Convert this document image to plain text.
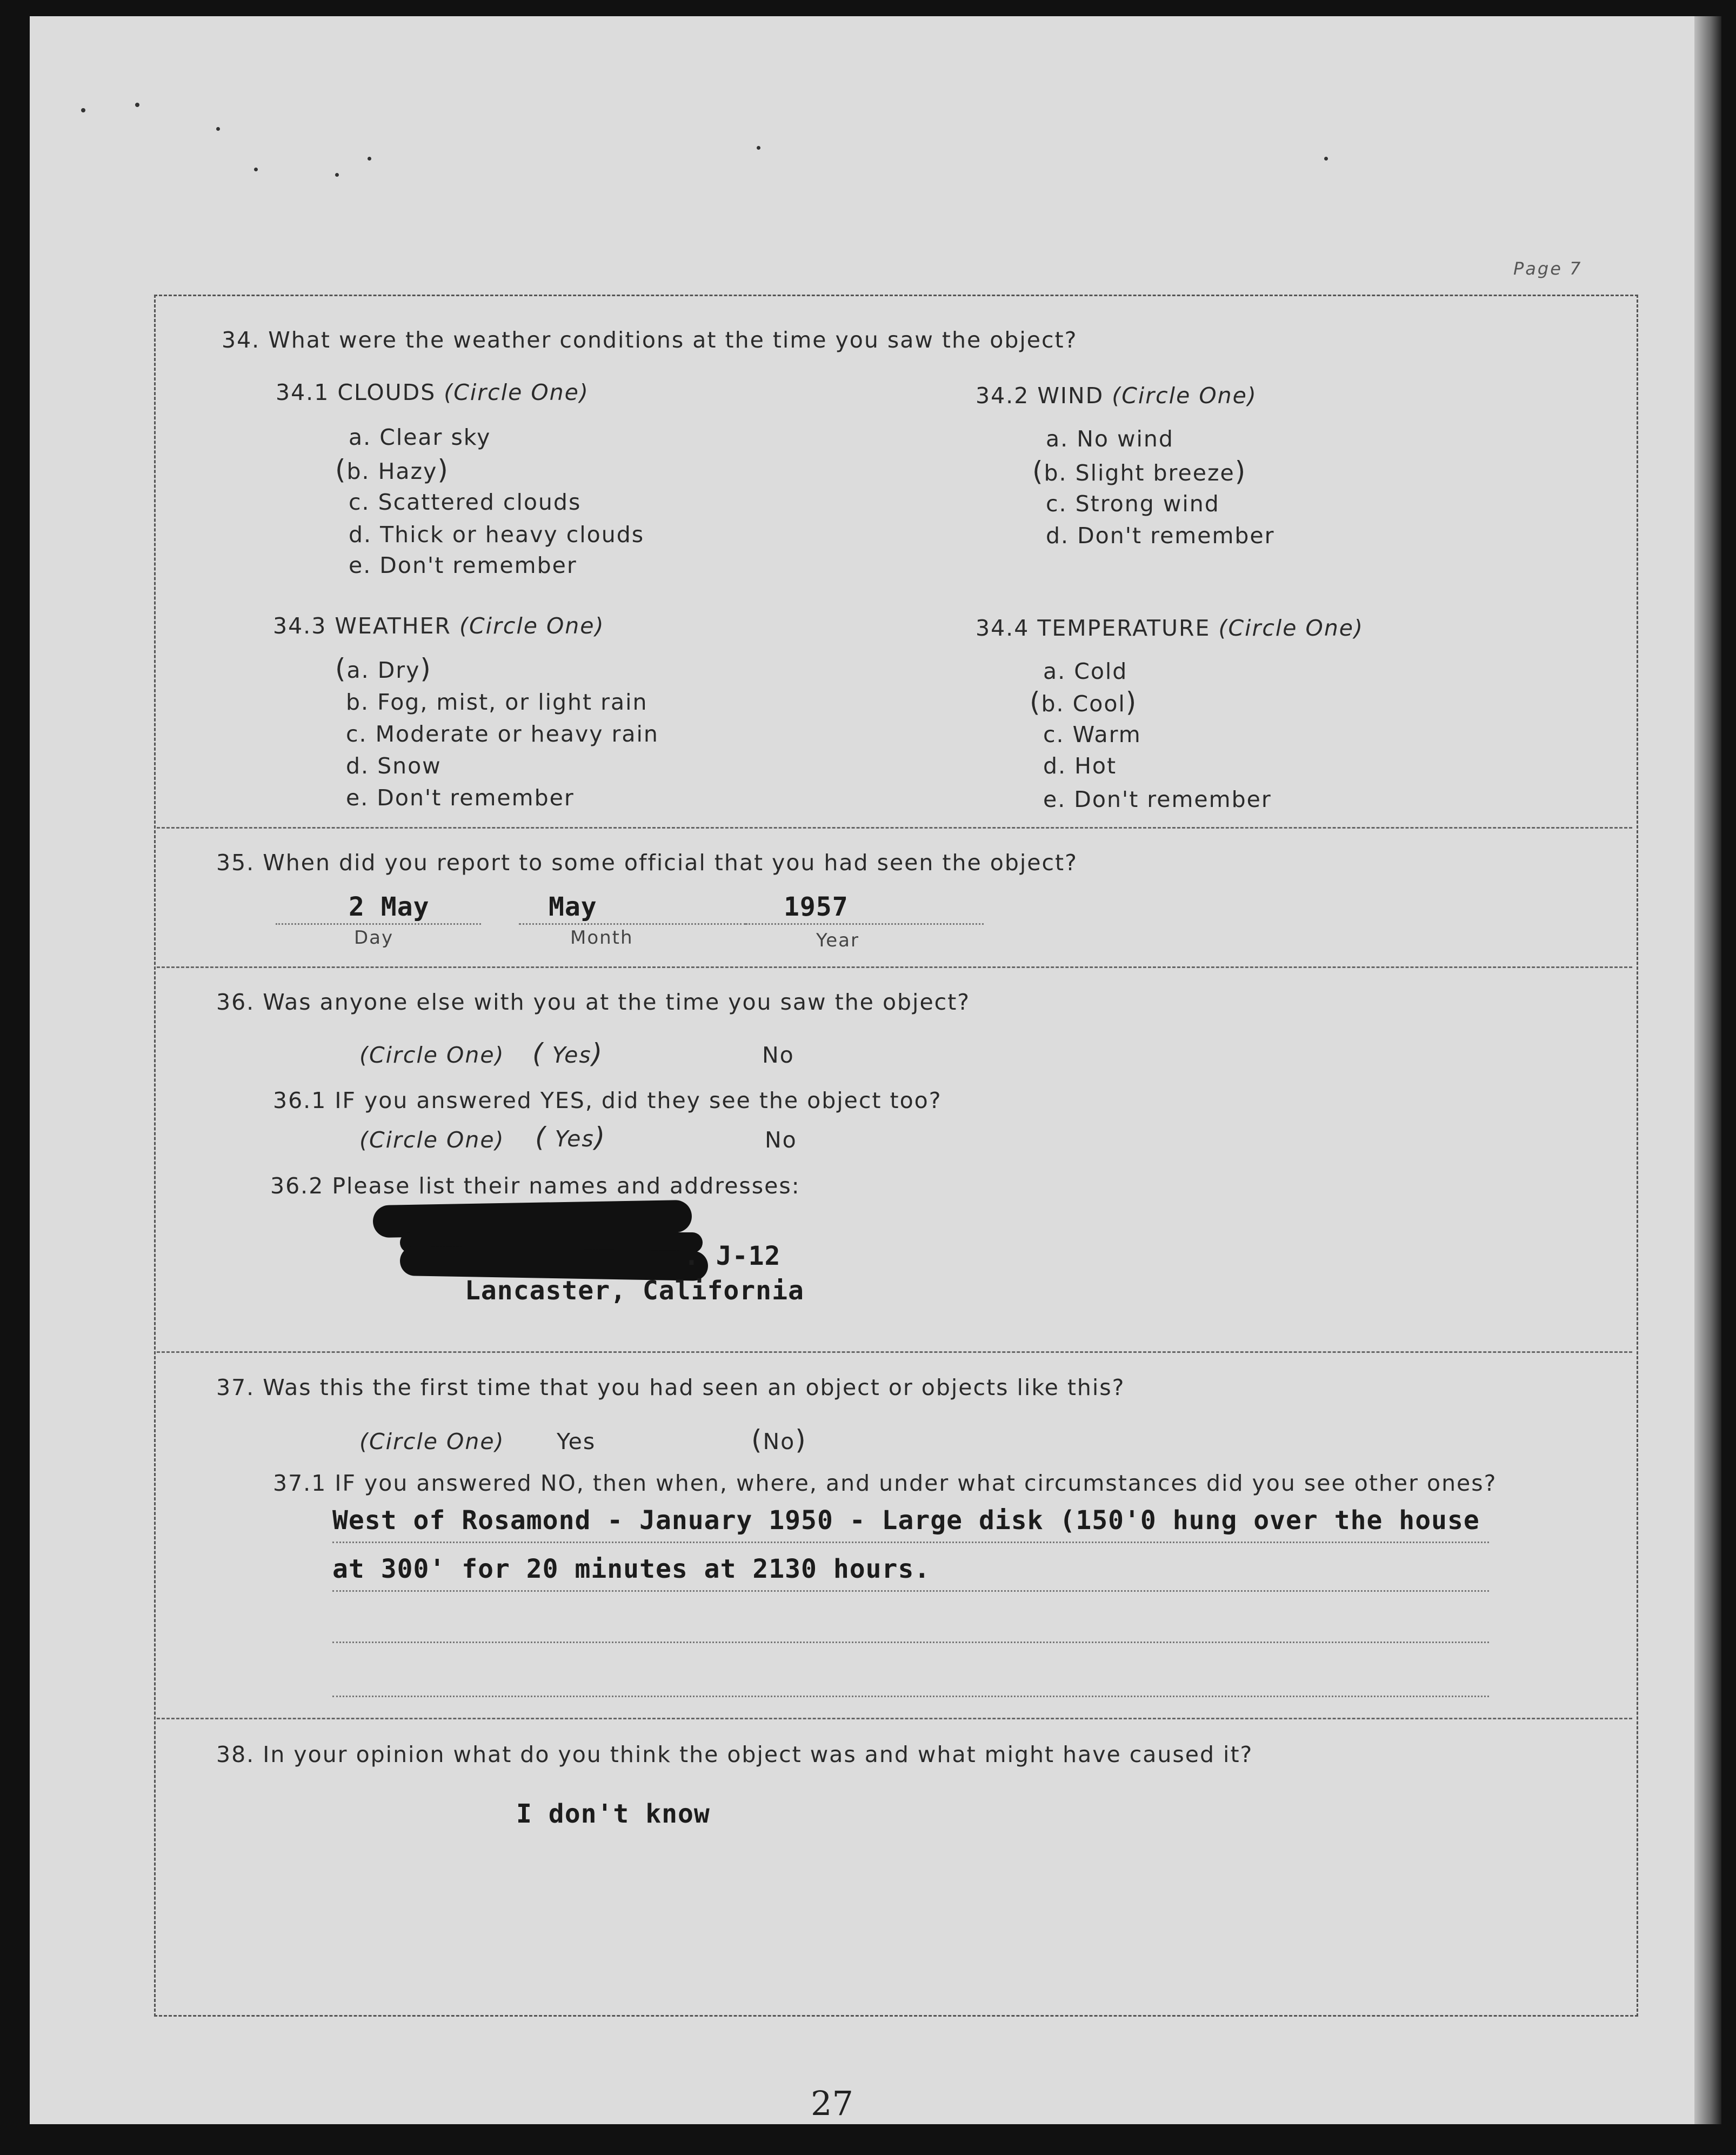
Page 7
34. What were the weather conditions at the time you saw the object?
34.1 CLOUDS (Circle One)
a. Clear sky
(b. Hazy)
c. Scattered clouds
d. Thick or heavy clouds
e. Don't remember
34.2 WIND (Circle One)
a. No wind
(b. Slight breeze)
c. Strong wind
d. Don't remember
34.3 WEATHER (Circle One)
(a. Dry)
b. Fog, mist, or light rain
c. Moderate or heavy rain
d. Snow
e. Don't remember
34.4 TEMPERATURE (Circle One)
a. Cold
(b. Cool)
c. Warm
d. Hot
e. Don't remember
35. When did you report to some official that you had seen the object?
2 May	May	1957
Day	Month	Year
36. Was anyone else with you at the time you saw the object?
(Circle One) ( Yes)	No
36.1 IF you answered YES, did they see the object too?
(Circle One) ( Yes)	No
36.2 Please list their names and addresses:
. J-12
Lancaster, California
37. Was this the first time that you had seen an object or objects like this?
(Circle One) Yes	(No)
37.1 IF you answered NO, then when, where, and under what circumstances did you see other ones?
West of Rosamond - January 1950 - Large disk (150'0 hung over the house
at 300' for 20 minutes at 2130 hours.
38. In your opinion what do you think the object was and what might have caused it?
I don't know
27
